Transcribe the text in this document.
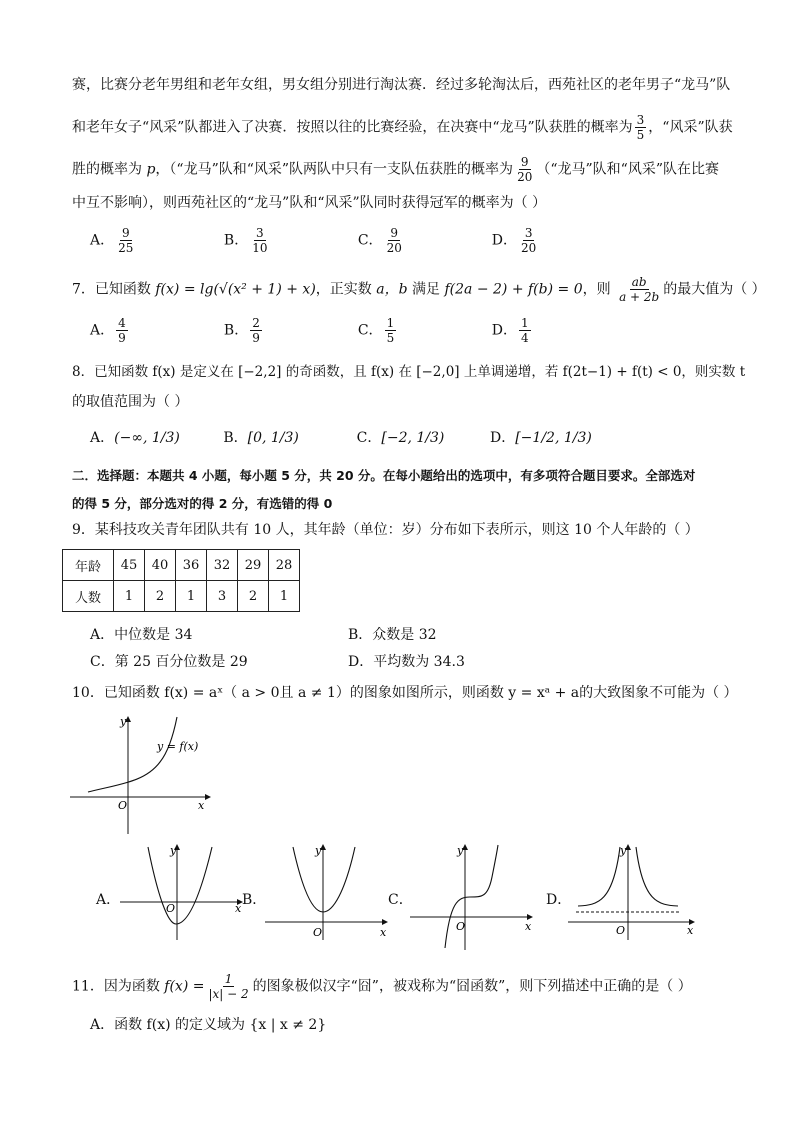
赛，比赛分老年男组和老年女组，男女组分别进行淘汰赛．经过多轮淘汰后，西苑社区的老年男子“龙马”队
和老年女子“风采”队都进入了决赛．按照以往的比赛经验，在决赛中“龙马”队获胜的概率为 $\frac{3}{5}$ ，“风采”队获
胜的概率为 p，（“龙马”队和“风采”队两队中只有一支队伍获胜的概率为 $\frac{9}{20}$ （“龙马”队和“风采”队在比赛
中互不影响），则西苑社区的“龙马”队和“风采”队同时获得冠军的概率为（ ）
A． $\frac{9}{25}$	B． $\frac{3}{10}$	C． $\frac{9}{20}$	D． $\frac{3}{20}$
7．已知函数 f(x) = lg(√(x² + 1) + x)，正实数 a，b 满足 f(2a − 2) + f(b) = 0，则 $\frac{ab}{a + 2b}$ 的最大值为（ ）
A． $\frac{4}{9}$	B． $\frac{2}{9}$	C． $\frac{1}{5}$	D． $\frac{1}{4}$
8．已知函数 f(x) 是定义在 [−2,2] 的奇函数，且 f(x) 在 [−2,0] 上单调递增，若 f(2t−1) + f(t) < 0，则实数 t
的取值范围为（ ）
A．(−∞, 1/3)	B．[0, 1/3)	C．[−2, 1/3)	D．[−1/2, 1/3)
二．选择题：本题共 4 小题，每小题 5 分，共 20 分。在每小题给出的选项中，有多项符合题目要求。全部选对
的得 5 分，部分选对的得 2 分，有选错的得 0
9．某科技攻关青年团队共有 10 人，其年龄（单位：岁）分布如下表所示，则这 10 个人年龄的（ ）
年龄	45	40	36	32	29	28
人数	1	2	1	3	2	1
A．中位数是 34	B．众数是 32
C．第 25 百分位数是 29	D．平均数为 34.3
10．已知函数 f(x) = aˣ（ a > 0且 a ≠ 1）的图象如图所示，则函数 y = xᵃ + a的大致图象不可能为（ ）
y
x
O
y = f(x)
A．
y
x
O
B．
y
x
O
C．
y
x
O
D．
y
x
O
11．因为函数 $f(x) = \frac{1}{|x| - 2}$ 的图象极似汉字“囧”，被戏称为“囧函数”，则下列描述中正确的是（ ）
A．函数 f(x) 的定义域为 {x | x ≠ 2}
